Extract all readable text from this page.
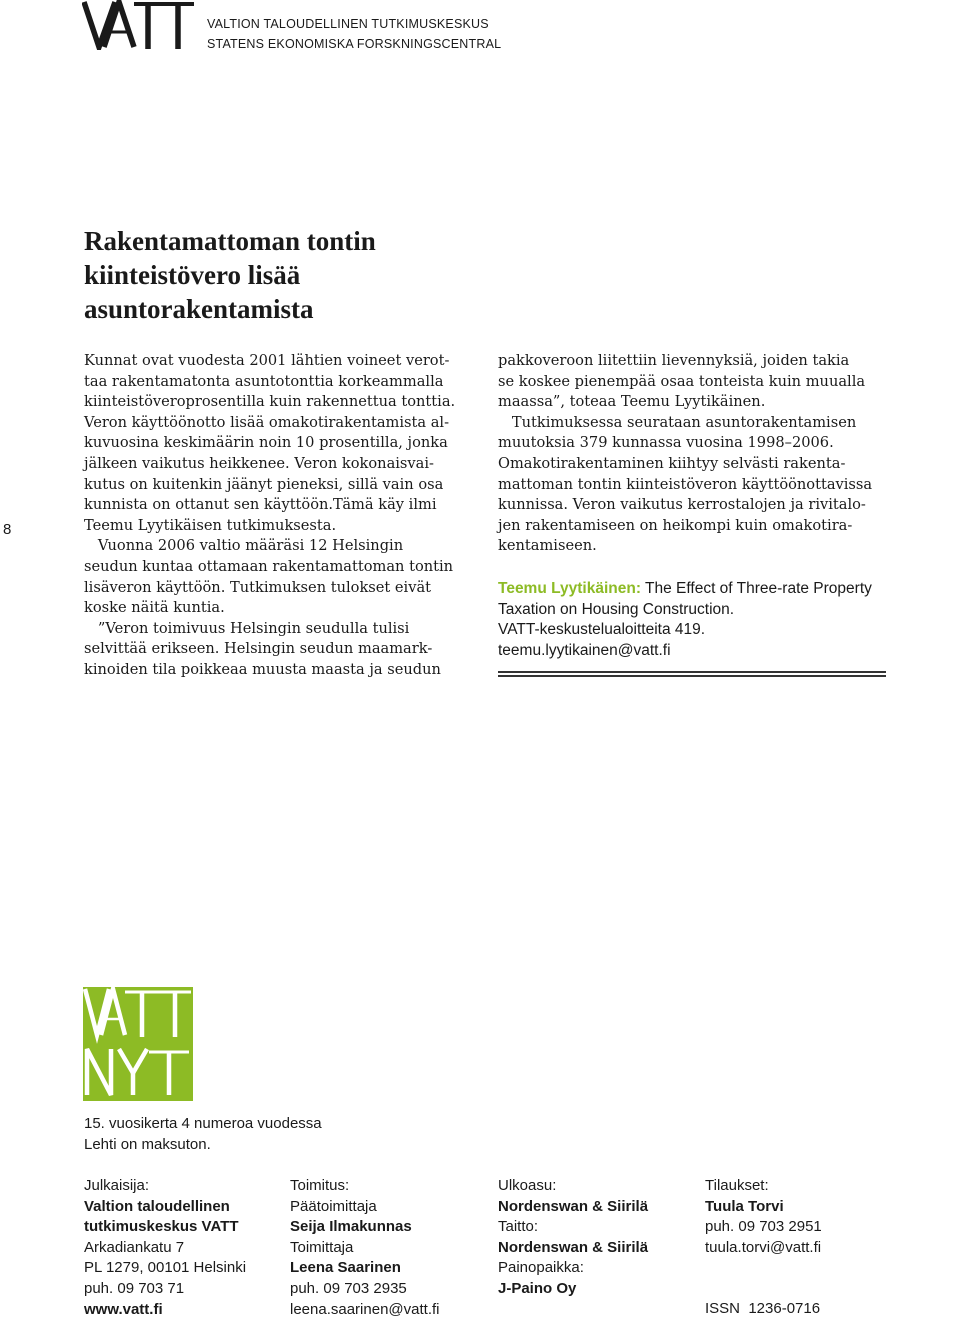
VALTION TALOUDELLINEN TUTKIMUSKESKUS
STATENS EKONOMISKA FORSKNINGSCENTRAL
8
Rakentamattoman tontin
kiinteistövero lisää
asuntorakentamista
Kunnat ovat vuodesta 2001 lähtien voineet verot-
taa rakentamatonta asuntotonttia korkeammalla
kiinteistöveroprosentilla kuin rakennettua tonttia.
Veron käyttöönotto lisää omakotirakentamista al-
kuvuosina keskimäärin noin 10 prosentilla, jonka
jälkeen vaikutus heikkenee. Veron kokonaisvai-
kutus on kuitenkin jäänyt pieneksi, sillä vain osa
kunnista on ottanut sen käyttöön.Tämä käy ilmi
Teemu Lyytikäisen tutkimuksesta.
Vuonna 2006 valtio määräsi 12 Helsingin
seudun kuntaa ottamaan rakentamattoman tontin
lisäveron käyttöön. Tutkimuksen tulokset eivät
koske näitä kuntia.
”Veron toimivuus Helsingin seudulla tulisi
selvittää erikseen. Helsingin seudun maamark-
kinoiden tila poikkeaa muusta maasta ja seudun
pakkoveroon liitettiin lievennyksiä, joiden takia
se koskee pienempää osaa tonteista kuin muualla
maassa”, toteaa Teemu Lyytikäinen.
Tutkimuksessa seurataan asuntorakentamisen
muutoksia 379 kunnassa vuosina 1998–2006.
Omakotirakentaminen kiihtyy selvästi rakenta-
mattoman tontin kiinteistöveron käyttöönottavissa
kunnissa. Veron vaikutus kerrostalojen ja rivitalo-
jen rakentamiseen on heikompi kuin omakotira-
kentamiseen.
Teemu Lyytikäinen: The Effect of Three-rate Property
Taxation on Housing Construction.
VATT-keskustelualoitteita 419.
teemu.lyytikainen@vatt.fi
15. vuosikerta 4 numeroa vuodessa
Lehti on maksuton.
Julkaisija:
Valtion taloudellinen
tutkimuskeskus VATT
Arkadiankatu 7
PL 1279, 00101 Helsinki
puh. 09 703 71
www.vatt.fi
Toimitus:
Päätoimittaja
Seija Ilmakunnas
Toimittaja
Leena Saarinen
puh. 09 703 2935
leena.saarinen@vatt.fi
Ulkoasu:
Nordenswan & Siirilä
Taitto:
Nordenswan & Siirilä
Painopaikka:
J-Paino Oy
Tilaukset:
Tuula Torvi
puh. 09 703 2951
tuula.torvi@vatt.fi
ISSN  1236-0716
